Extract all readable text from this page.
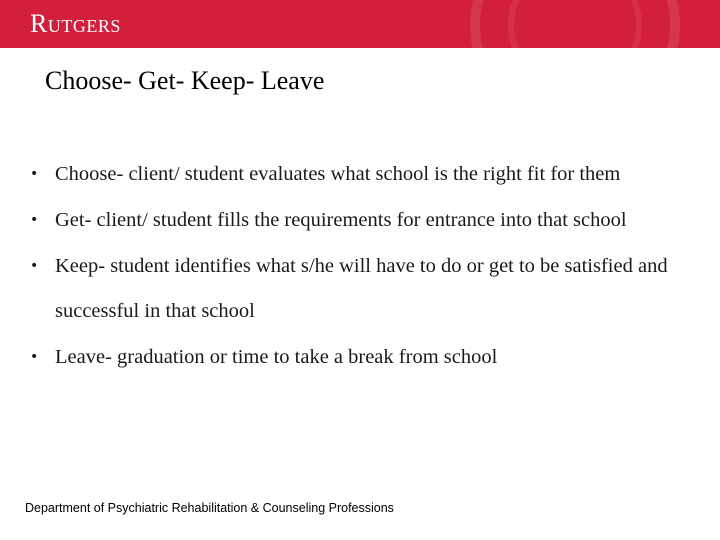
Rutgers
Choose- Get- Keep- Leave
• Choose- client/ student evaluates what school is the right fit for them
• Get- client/ student fills the requirements for entrance into that school
• Keep- student identifies what s/he will have to do or get to be satisfied and successful in that school
• Leave- graduation or time to take a break from school
Department of Psychiatric Rehabilitation & Counseling Professions
